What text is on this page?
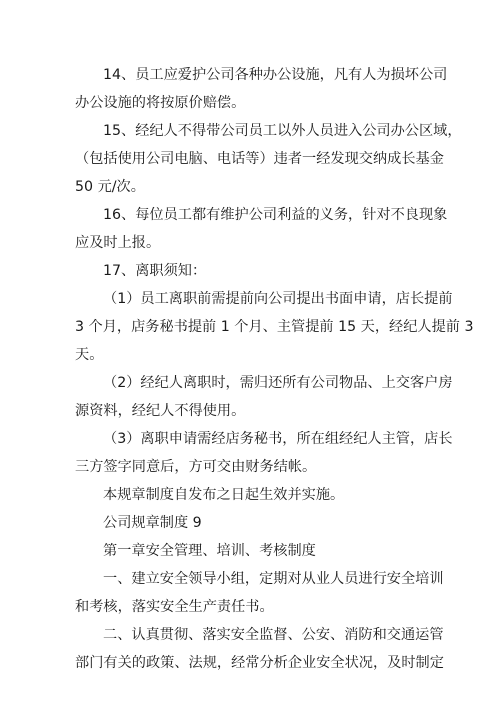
14、员工应爱护公司各种办公设施，凡有人为损坏公司
办公设施的将按原价赔偿。
15、经纪人不得带公司员工以外人员进入公司办公区域，
（包括使用公司电脑、电话等）违者一经发现交纳成长基金
50 元/次。
16、每位员工都有维护公司利益的义务，针对不良现象
应及时上报。
17、离职须知：
（1）员工离职前需提前向公司提出书面申请，店长提前
3 个月，店务秘书提前 1 个月、主管提前 15 天，经纪人提前 3
天。
（2）经纪人离职时，需归还所有公司物品、上交客户房
源资料，经纪人不得使用。
（3）离职申请需经店务秘书，所在组经纪人主管，店长
三方签字同意后，方可交由财务结帐。
本规章制度自发布之日起生效并实施。
公司规章制度 9
第一章安全管理、培训、考核制度
一、建立安全领导小组，定期对从业人员进行安全培训
和考核，落实安全生产责任书。
二、认真贯彻、落实安全监督、公安、消防和交通运管
部门有关的政策、法规，经常分析企业安全状况，及时制定
